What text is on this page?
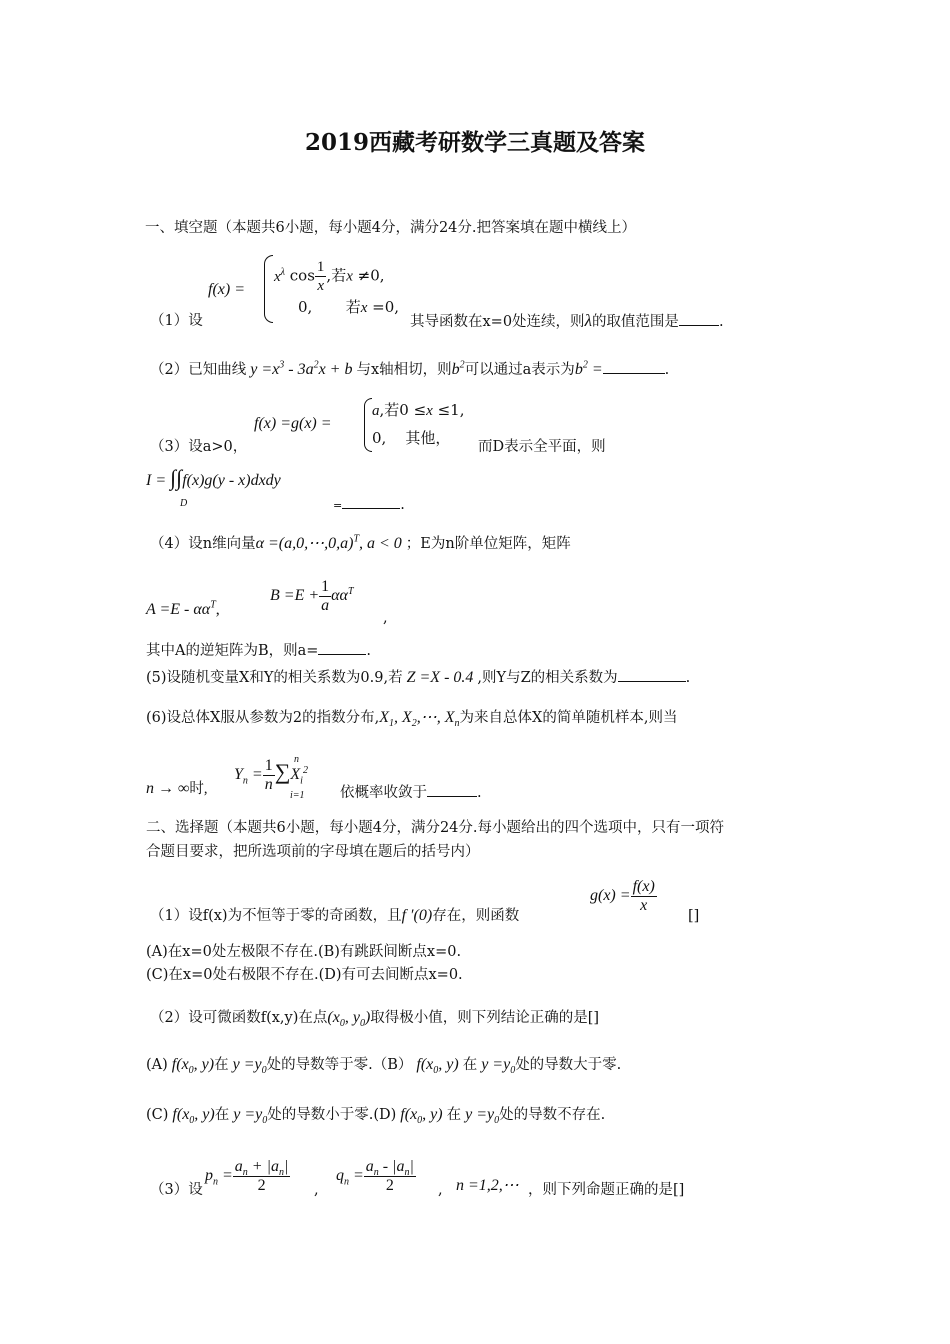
2019西藏考研数学三真题及答案
一、填空题（本题共6小题，每小题4分，满分24分.把答案填在题中横线上）
f(x) =
$x^\lambda$ $\cos \frac{1}{x}$ ,若x ≠0,
0,       若x =0,
（1）设	其导函数在x=0处连续，则λ的取值范围是	.
（2）已知曲线 $y =x^3 - 3a^2x + b$ 与x轴相切，则$b^2$可以通过a表示为$b^2$ =	.
f(x) =g(x) =
a,若0 ≤x ≤1,
0,    其他，
（3）设a>0，	而D表示全平面，则
I = ∫∫f(x)g(y - x)dxdy
D	=	.
（4）设n维向量α =(a,0,⋯,0,a)$^T$, a < 0 ；E为n阶单位矩阵，矩阵
$A =E - \alpha\alpha^T$,
$B =E + \frac{1}{a} \alpha\alpha^T$
,
其中A的逆矩阵为B，则a=	.
(5)设随机变量X和Y的相关系数为0.9,若 Z =X - 0.4 ,则Y与Z的相关系数为	.
(6)设总体X服从参数为2的指数分布$,X_1$, $X_2,\cdots$, $X_n$为来自总体X的简单随机样本,则当
n → ∞时,
$Y_n = \frac{1}{n} \sum X_i^2$
n
i=1 依概率收敛于	.
二、选择题（本题共6小题，每小题4分，满分24分.每小题给出的四个选项中，只有一项符
合题目要求，把所选项前的字母填在题后的括号内）
（1）设f(x)为不恒等于零的奇函数，且f ′(0)存在，则函数
$g(x) = \frac{f(x)}{x}$
[]
(A)在x=0处左极限不存在.(B)有跳跃间断点x=0.
(C)在x=0处右极限不存在.(D)有可去间断点x=0.
（2）设可微函数f(x,y)在点($x_0$, $y_0$)取得极小值，则下列结论正确的是[]
(A) $f(x_0$, y)在 $y =y_0$处的导数等于零.（B） $f(x_0$, y) 在 $y =y_0$处的导数大于零.
(C) $f(x_0$, y)在 $y =y_0$处的导数小于零.(D) $f(x_0$, y) 在 $y =y_0$处的导数不存在.
（3）设
$p_n = \frac{a_n + |a_n|}{2}$ ,
$q_n = \frac{a_n - |a_n|}{2}$ , n =1,2,⋯ ，则下列命题正确的是[]
